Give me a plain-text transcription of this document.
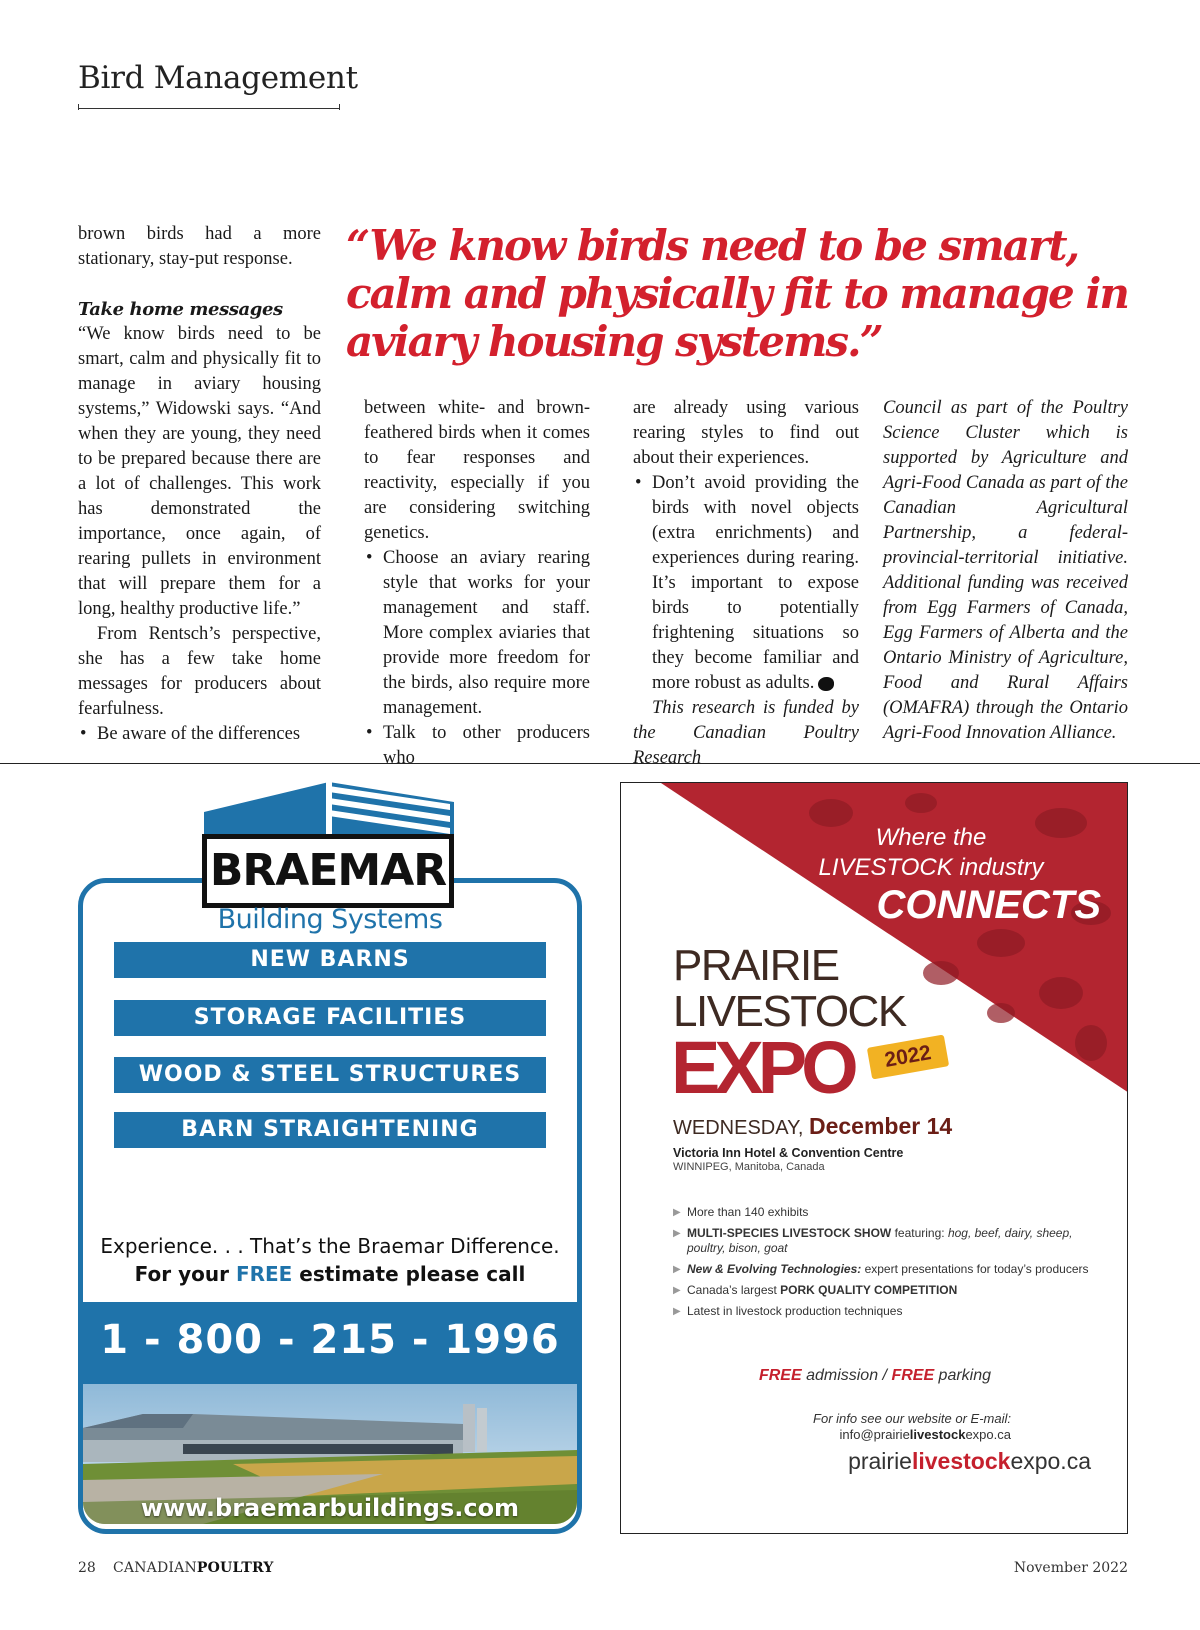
Bird Management
“We know birds need to be smart, calm and physically fit to manage in aviary housing systems.”

brown birds had a more stationary, stay-put response.

Take home messages

“We know birds need to be smart, calm and physically fit to manage in aviary housing systems,” Widowski says. “And when they are young, they need to be prepared because there are a lot of challenges. This work has demonstrated the importance, once again, of rearing pullets in environment that will prepare them for a long, healthy productive life.”

From Rentsch’s perspective, she has a few take home messages for producers about fearfulness.

• Be aware of the differences

between white- and brown-feathered birds when it comes to fear responses and reactivity, especially if you are considering switching genetics.

• Choose an aviary rearing style that works for your management and staff. More complex aviaries that provide more freedom for the birds, also require more management.

• Talk to other producers who

are already using various rearing styles to find out about their experiences.

• Don’t avoid providing the birds with novel objects (extra enrichments) and experiences during rearing. It’s important to expose birds to potentially frightening situations so they become familiar and more robust as adults.

This research is funded by the Canadian Poultry Research

Council as part of the Poultry Science Cluster which is supported by Agriculture and Agri-Food Canada as part of the Canadian Agricultural Partnership, a federal-provincial-territorial initiative. Additional funding was received from Egg Farmers of Canada, Egg Farmers of Alberta and the Ontario Ministry of Agriculture, Food and Rural Affairs (OMAFRA) through the Ontario Agri-Food Innovation Alliance.

BRAEMAR
Building Systems
NEW BARNS
STORAGE FACILITIES
WOOD & STEEL STRUCTURES
BARN STRAIGHTENING
Experience. . . That’s the Braemar Difference.
For your FREE estimate please call
1 - 800 - 215 - 1996
www.braemarbuildings.com
Where the
LIVESTOCK industry
CONNECTS
PRAIRIE
LIVESTOCK
EXPO	2022
WEDNESDAY, December 14
Victoria Inn Hotel & Convention Centre
WINNIPEG, Manitoba, Canada
▶ More than 140 exhibits
▶ MULTI-SPECIES LIVESTOCK SHOW featuring: hog, beef, dairy, sheep, poultry, bison, goat
▶ New & Evolving Technologies: expert presentations for today’s producers
▶ Canada’s largest PORK QUALITY COMPETITION
▶ Latest in livestock production techniques
FREE admission / FREE parking
For info see our website or E-mail:
info@prairielivestockexpo.ca
prairielivestockexpo.ca
28 CANADIANPOULTRY	November 2022
